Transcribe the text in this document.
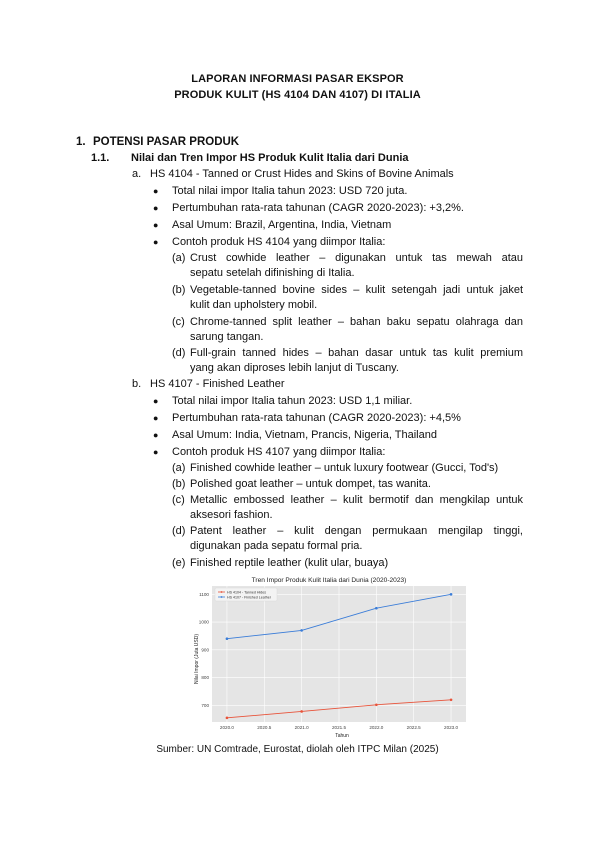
LAPORAN INFORMASI PASAR EKSPOR
PRODUK KULIT (HS 4104 DAN 4107) DI ITALIA
1. POTENSI PASAR PRODUK
1.1. Nilai dan Tren Impor HS Produk Kulit Italia dari Dunia
a. HS 4104 - Tanned or Crust Hides and Skins of Bovine Animals
● Total nilai impor Italia tahun 2023: USD 720 juta.
● Pertumbuhan rata-rata tahunan (CAGR 2020-2023): +3,2%.
● Asal Umum: Brazil, Argentina, India, Vietnam
● Contoh produk HS 4104 yang diimpor Italia:
(a) Crust cowhide leather – digunakan untuk tas mewah atau
sepatu setelah difinishing di Italia.
(b) Vegetable-tanned bovine sides – kulit setengah jadi untuk jaket
kulit dan upholstery mobil.
(c) Chrome-tanned split leather – bahan baku sepatu olahraga dan
sarung tangan.
(d) Full-grain tanned hides – bahan dasar untuk tas kulit premium
yang akan diproses lebih lanjut di Tuscany.
b. HS 4107 - Finished Leather
● Total nilai impor Italia tahun 2023: USD 1,1 miliar.
● Pertumbuhan rata-rata tahunan (CAGR 2020-2023): +4,5%
● Asal Umum: India, Vietnam, Prancis, Nigeria, Thailand
● Contoh produk HS 4107 yang diimpor Italia:
(a) Finished cowhide leather – untuk luxury footwear (Gucci, Tod's)
(b) Polished goat leather – untuk dompet, tas wanita.
(c) Metallic embossed leather – kulit bermotif dan mengkilap untuk
aksesori fashion.
(d) Patent leather – kulit dengan permukaan mengilap tinggi,
digunakan pada sepatu formal pria.
(e) Finished reptile leather (kulit ular, buaya)
Tren Impor Produk Kulit Italia dari Dunia (2020-2023)
Nilai Impor (Juta USD)
Tahun
2020.0	2020.5	2021.0	2021.5	2022.0	2022.5	2023.0
700
800
900
1000
1100	HS 4104 - Tanned Hides
HS 4107 - Finished Leather
Sumber: UN Comtrade, Eurostat, diolah oleh ITPC Milan (2025)
